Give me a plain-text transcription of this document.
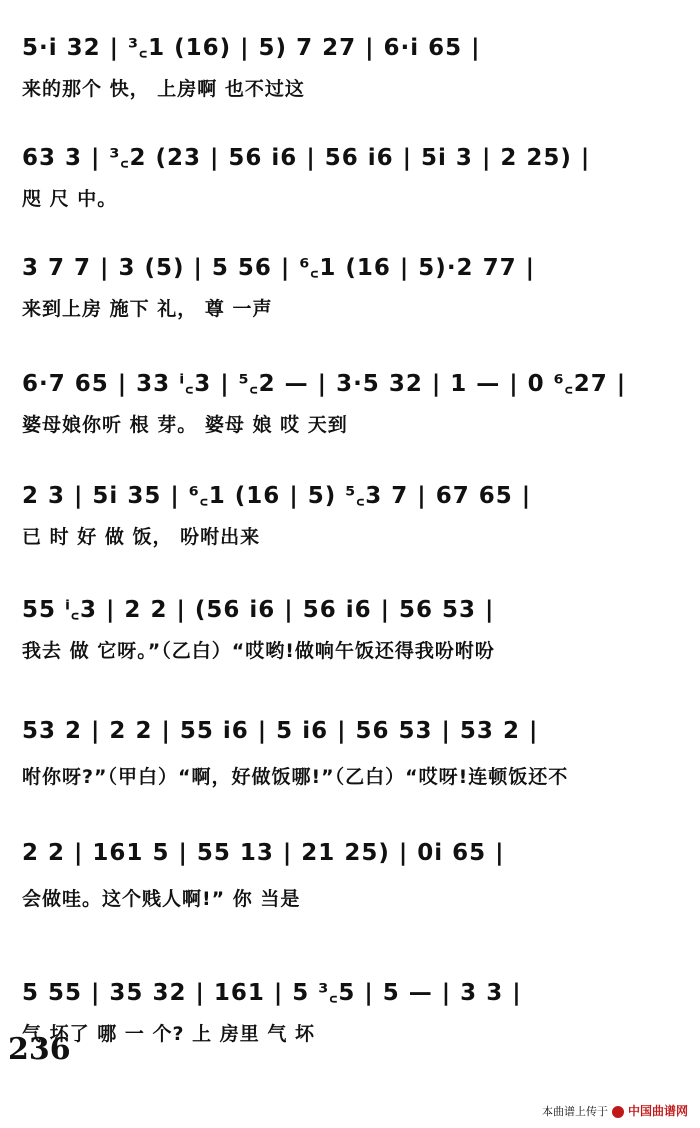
5·i 32 | ³꜀1 (16) | 5) 7 27 | 6·i 65 |
来的那个 快， 上房啊 也不过这
63 3 | ³꜀2 (23 | 56 i6 | 56 i6 | 5i 3 | 2 25) |
咫 尺 中。
3 7 7 | 3 (5) | 5 56 | ⁶꜀1 (16 | 5)·2 77 |
来到上房 施下 礼， 尊 一声
6·7 65 | 33 ⁱ꜀3 | ⁵꜀2 — | 3·5 32 | 1 — | 0 ⁶꜀27 |
婆母娘你听 根 芽。 婆母 娘 哎 天到
2 3 | 5i 35 | ⁶꜀1 (16 | 5) ⁵꜀3 7 | 67 65 |
已 时 好 做 饭， 吩咐出来
55 ⁱ꜀3 | 2 2 | (56 i6 | 56 i6 | 56 53 |
我去 做 它呀。”（乙白）“哎哟!做响午饭还得我吩咐吩
53 2 | 2 2 | 55 i6 | 5 i6 | 56 53 | 53 2 |
咐你呀?”（甲白）“啊，好做饭哪!”（乙白）“哎呀!连顿饭还不
2 2 | 161 5 | 55 13 | 21 25) | 0i 65 |
会做哇。这个贱人啊!” 你 当是
5 55 | 35 32 | 161 | 5 ³꜀5 | 5 — | 3 3 |
气 坏了 哪 一 个? 上 房里 气 坏
236
本曲谱上传于 中国曲谱网
